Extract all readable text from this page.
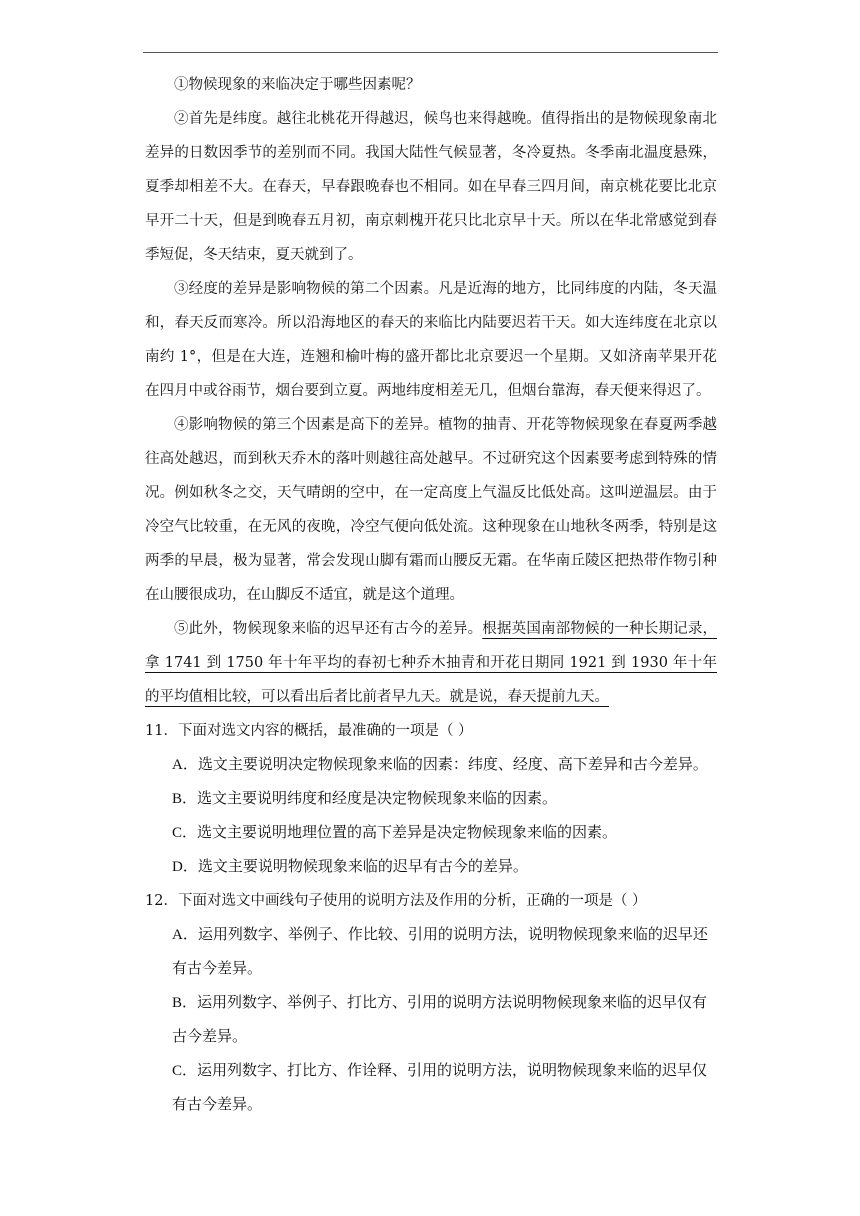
①物候现象的来临决定于哪些因素呢？

②首先是纬度。越往北桃花开得越迟，候鸟也来得越晚。值得指出的是物候现象南北差异的日数因季节的差别而不同。我国大陆性气候显著，冬冷夏热。冬季南北温度悬殊，夏季却相差不大。在春天，早春跟晚春也不相同。如在早春三四月间，南京桃花要比北京早开二十天，但是到晚春五月初，南京刺槐开花只比北京早十天。所以在华北常感觉到春季短促，冬天结束，夏天就到了。

③经度的差异是影响物候的第二个因素。凡是近海的地方，比同纬度的内陆，冬天温和，春天反而寒冷。所以沿海地区的春天的来临比内陆要迟若干天。如大连纬度在北京以南约 1°，但是在大连，连翘和榆叶梅的盛开都比北京要迟一个星期。又如济南苹果开花在四月中或谷雨节，烟台要到立夏。两地纬度相差无几，但烟台靠海，春天便来得迟了。

④影响物候的第三个因素是高下的差异。植物的抽青、开花等物候现象在春夏两季越往高处越迟，而到秋天乔木的落叶则越往高处越早。不过研究这个因素要考虑到特殊的情况。例如秋冬之交，天气晴朗的空中，在一定高度上气温反比低处高。这叫逆温层。由于冷空气比较重，在无风的夜晚，冷空气便向低处流。这种现象在山地秋冬两季，特别是这两季的早晨，极为显著，常会发现山脚有霜而山腰反无霜。在华南丘陵区把热带作物引种在山腰很成功，在山脚反不适宜，就是这个道理。

⑤此外，物候现象来临的迟早还有古今的差异。根据英国南部物候的一种长期记录，拿 1741 到 1750 年十年平均的春初七种乔木抽青和开花日期同 1921 到 1930 年十年的平均值相比较，可以看出后者比前者早九天。就是说，春天提前九天。

11．下面对选文内容的概括，最准确的一项是（ ）

A．选文主要说明决定物候现象来临的因素：纬度、经度、高下差异和古今差异。

B．选文主要说明纬度和经度是决定物候现象来临的因素。

C．选文主要说明地理位置的高下差异是决定物候现象来临的因素。

D．选文主要说明物候现象来临的迟早有古今的差异。

12．下面对选文中画线句子使用的说明方法及作用的分析，正确的一项是（ ）

A．运用列数字、举例子、作比较、引用的说明方法，说明物候现象来临的迟早还有古今差异。

B．运用列数字、举例子、打比方、引用的说明方法说明物候现象来临的迟早仅有古今差异。

C．运用列数字、打比方、作诠释、引用的说明方法，说明物候现象来临的迟早仅有古今差异。
